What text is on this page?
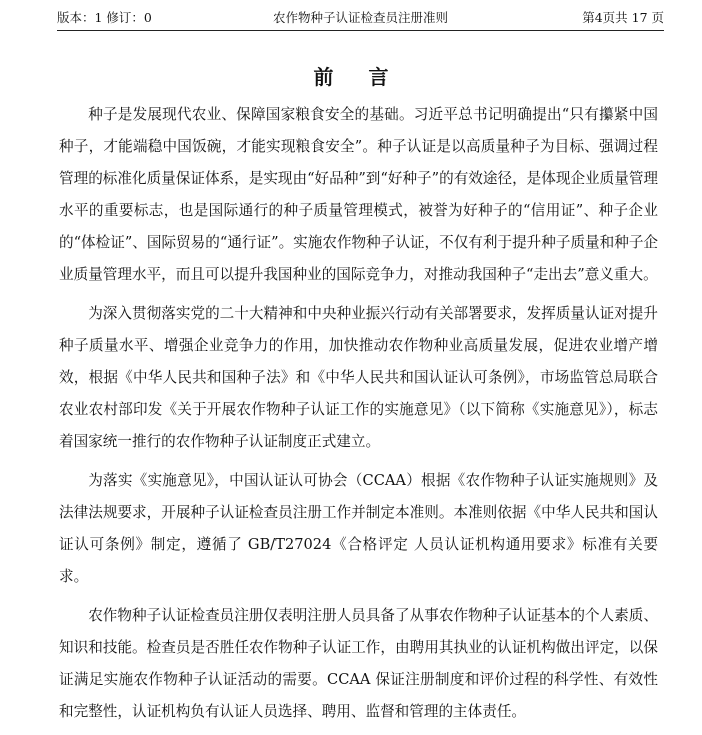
版本：1 修订：0	农作物种子认证检查员注册准则	第4页共 17 页
前 言

种子是发展现代农业、保障国家粮食安全的基础。习近平总书记明确提出“只有攥紧中国种子，才能端稳中国饭碗，才能实现粮食安全”。种子认证是以高质量种子为目标、强调过程管理的标准化质量保证体系，是实现由“好品种”到“好种子”的有效途径，是体现企业质量管理水平的重要标志，也是国际通行的种子质量管理模式，被誉为好种子的“信用证”、种子企业的“体检证”、国际贸易的“通行证”。实施农作物种子认证，不仅有利于提升种子质量和种子企业质量管理水平，而且可以提升我国种业的国际竞争力，对推动我国种子“走出去”意义重大。

为深入贯彻落实党的二十大精神和中央种业振兴行动有关部署要求，发挥质量认证对提升种子质量水平、增强企业竞争力的作用，加快推动农作物种业高质量发展，促进农业增产增效，根据《中华人民共和国种子法》和《中华人民共和国认证认可条例》，市场监管总局联合农业农村部印发《关于开展农作物种子认证工作的实施意见》（以下简称《实施意见》），标志着国家统一推行的农作物种子认证制度正式建立。

为落实《实施意见》，中国认证认可协会（CCAA）根据《农作物种子认证实施规则》及法律法规要求，开展种子认证检查员注册工作并制定本准则。本准则依据《中华人民共和国认证认可条例》制定，遵循了 GB/T27024《合格评定 人员认证机构通用要求》标准有关要求。

农作物种子认证检查员注册仅表明注册人员具备了从事农作物种子认证基本的个人素质、知识和技能。检查员是否胜任农作物种子认证工作，由聘用其执业的认证机构做出评定，以保证满足实施农作物种子认证活动的需要。CCAA 保证注册制度和评价过程的科学性、有效性和完整性，认证机构负有认证人员选择、聘用、监督和管理的主体责任。
